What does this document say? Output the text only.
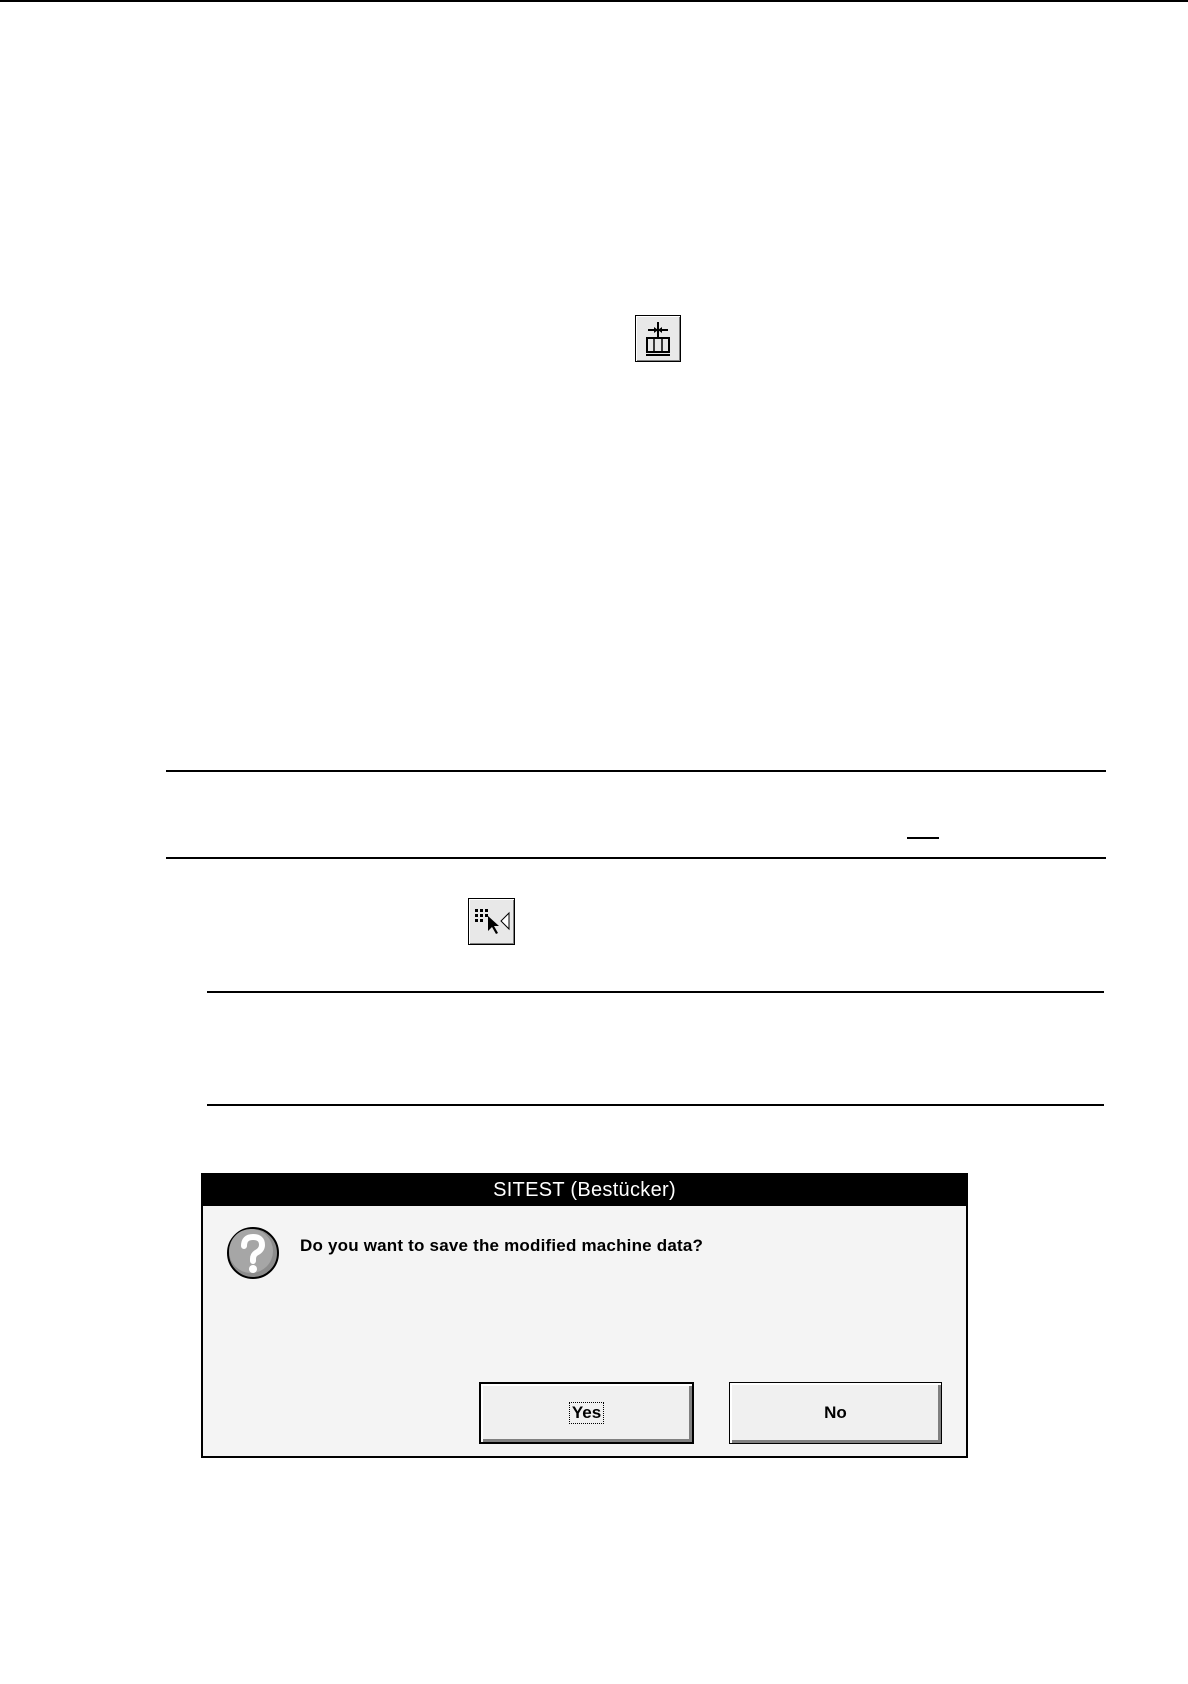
SITEST (Bestücker)
Do you want to save the modified machine data?
Yes	No
